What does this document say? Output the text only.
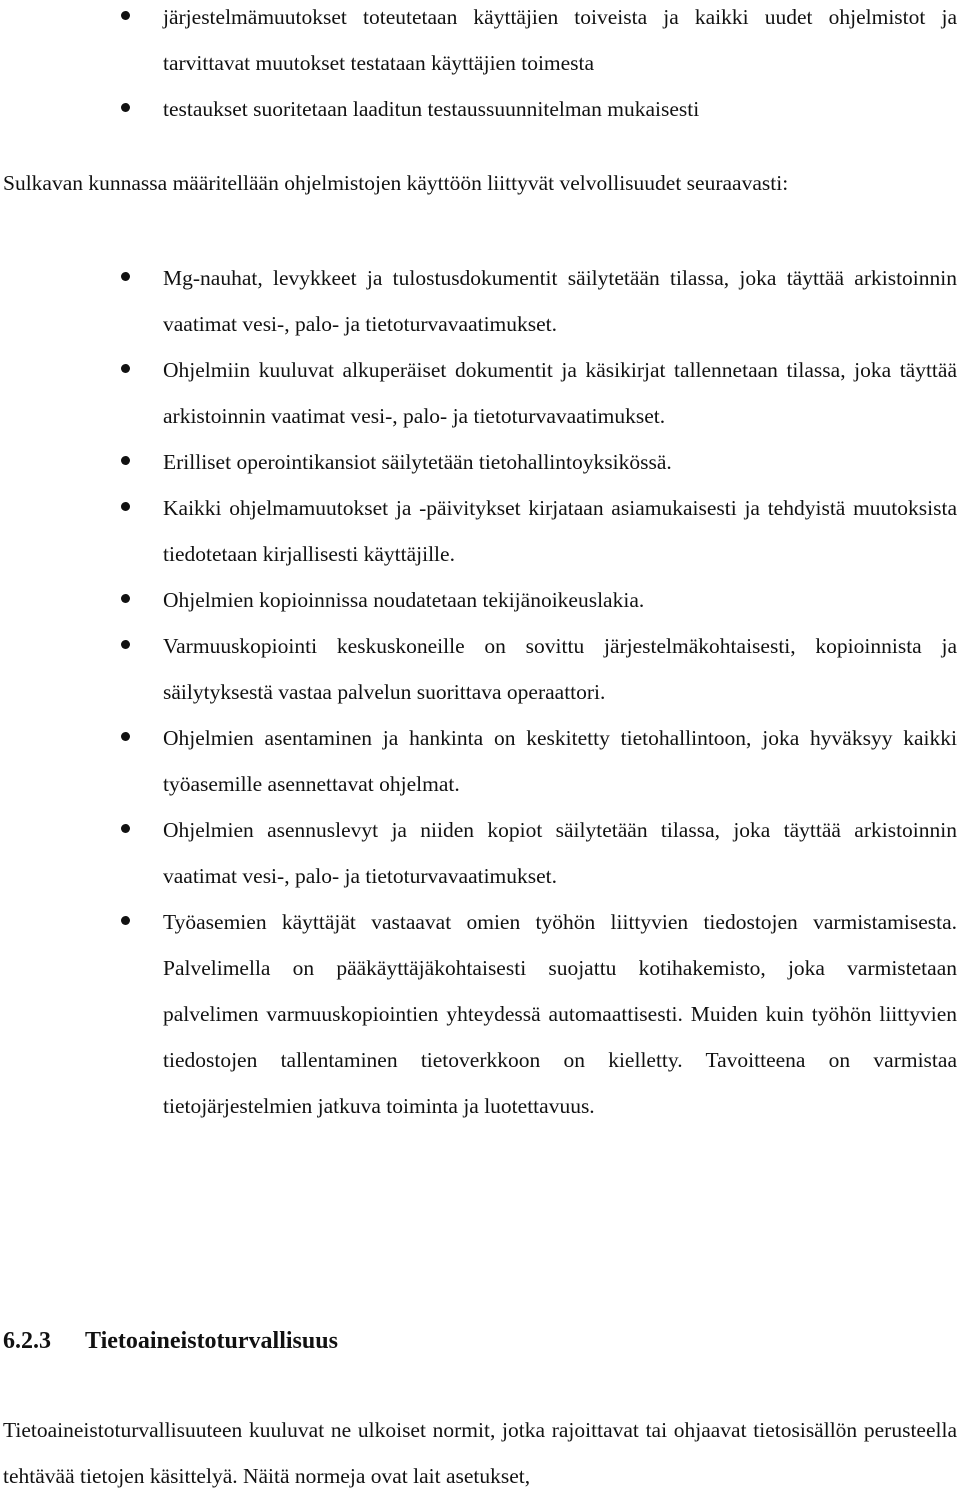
järjestelmämuutokset toteutetaan käyttäjien toiveista ja kaikki uudet ohjelmistot ja tarvittavat muutokset testataan käyttäjien toimesta
testaukset suoritetaan laaditun testaussuunnitelman mukaisesti

Sulkavan kunnassa määritellään ohjelmistojen käyttöön liittyvät velvollisuudet seuraavasti:

Mg-nauhat, levykkeet ja tulostusdokumentit säilytetään tilassa, joka täyttää arkistoinnin vaatimat vesi-, palo- ja tietoturvavaatimukset.
Ohjelmiin kuuluvat alkuperäiset dokumentit ja käsikirjat tallennetaan tilassa, joka täyttää arkistoinnin vaatimat vesi-, palo- ja tietoturvavaatimukset.
Erilliset operointikansiot säilytetään tietohallintoyksikössä.
Kaikki ohjelmamuutokset ja -päivitykset kirjataan asiamukaisesti ja tehdyistä muutoksista tiedotetaan kirjallisesti käyttäjille.
Ohjelmien kopioinnissa noudatetaan tekijänoikeuslakia.
Varmuuskopiointi keskuskoneille on sovittu järjestelmäkohtaisesti, kopioinnista ja säilytyksestä vastaa palvelun suorittava operaattori.
Ohjelmien asentaminen ja hankinta on keskitetty tietohallintoon, joka hyväksyy kaikki työasemille asennettavat ohjelmat.
Ohjelmien asennuslevyt ja niiden kopiot säilytetään tilassa, joka täyttää arkistoinnin vaatimat vesi-, palo- ja tietoturvavaatimukset.
Työasemien käyttäjät vastaavat omien työhön liittyvien tiedostojen varmistamisesta. Palvelimella on pääkäyttäjäkohtaisesti suojattu kotihakemisto, joka varmistetaan palvelimen varmuuskopiointien yhteydessä automaattisesti. Muiden kuin työhön liittyvien tiedostojen tallentaminen tietoverkkoon on kielletty. Tavoitteena on varmistaa tietojärjestelmien jatkuva toiminta ja luotettavuus.
6.2.3 Tietoaineistoturvallisuus

Tietoaineistoturvallisuuteen kuuluvat ne ulkoiset normit, jotka rajoittavat tai ohjaavat tietosisällön perusteella tehtävää tietojen käsittelyä. Näitä normeja ovat lait asetukset,
